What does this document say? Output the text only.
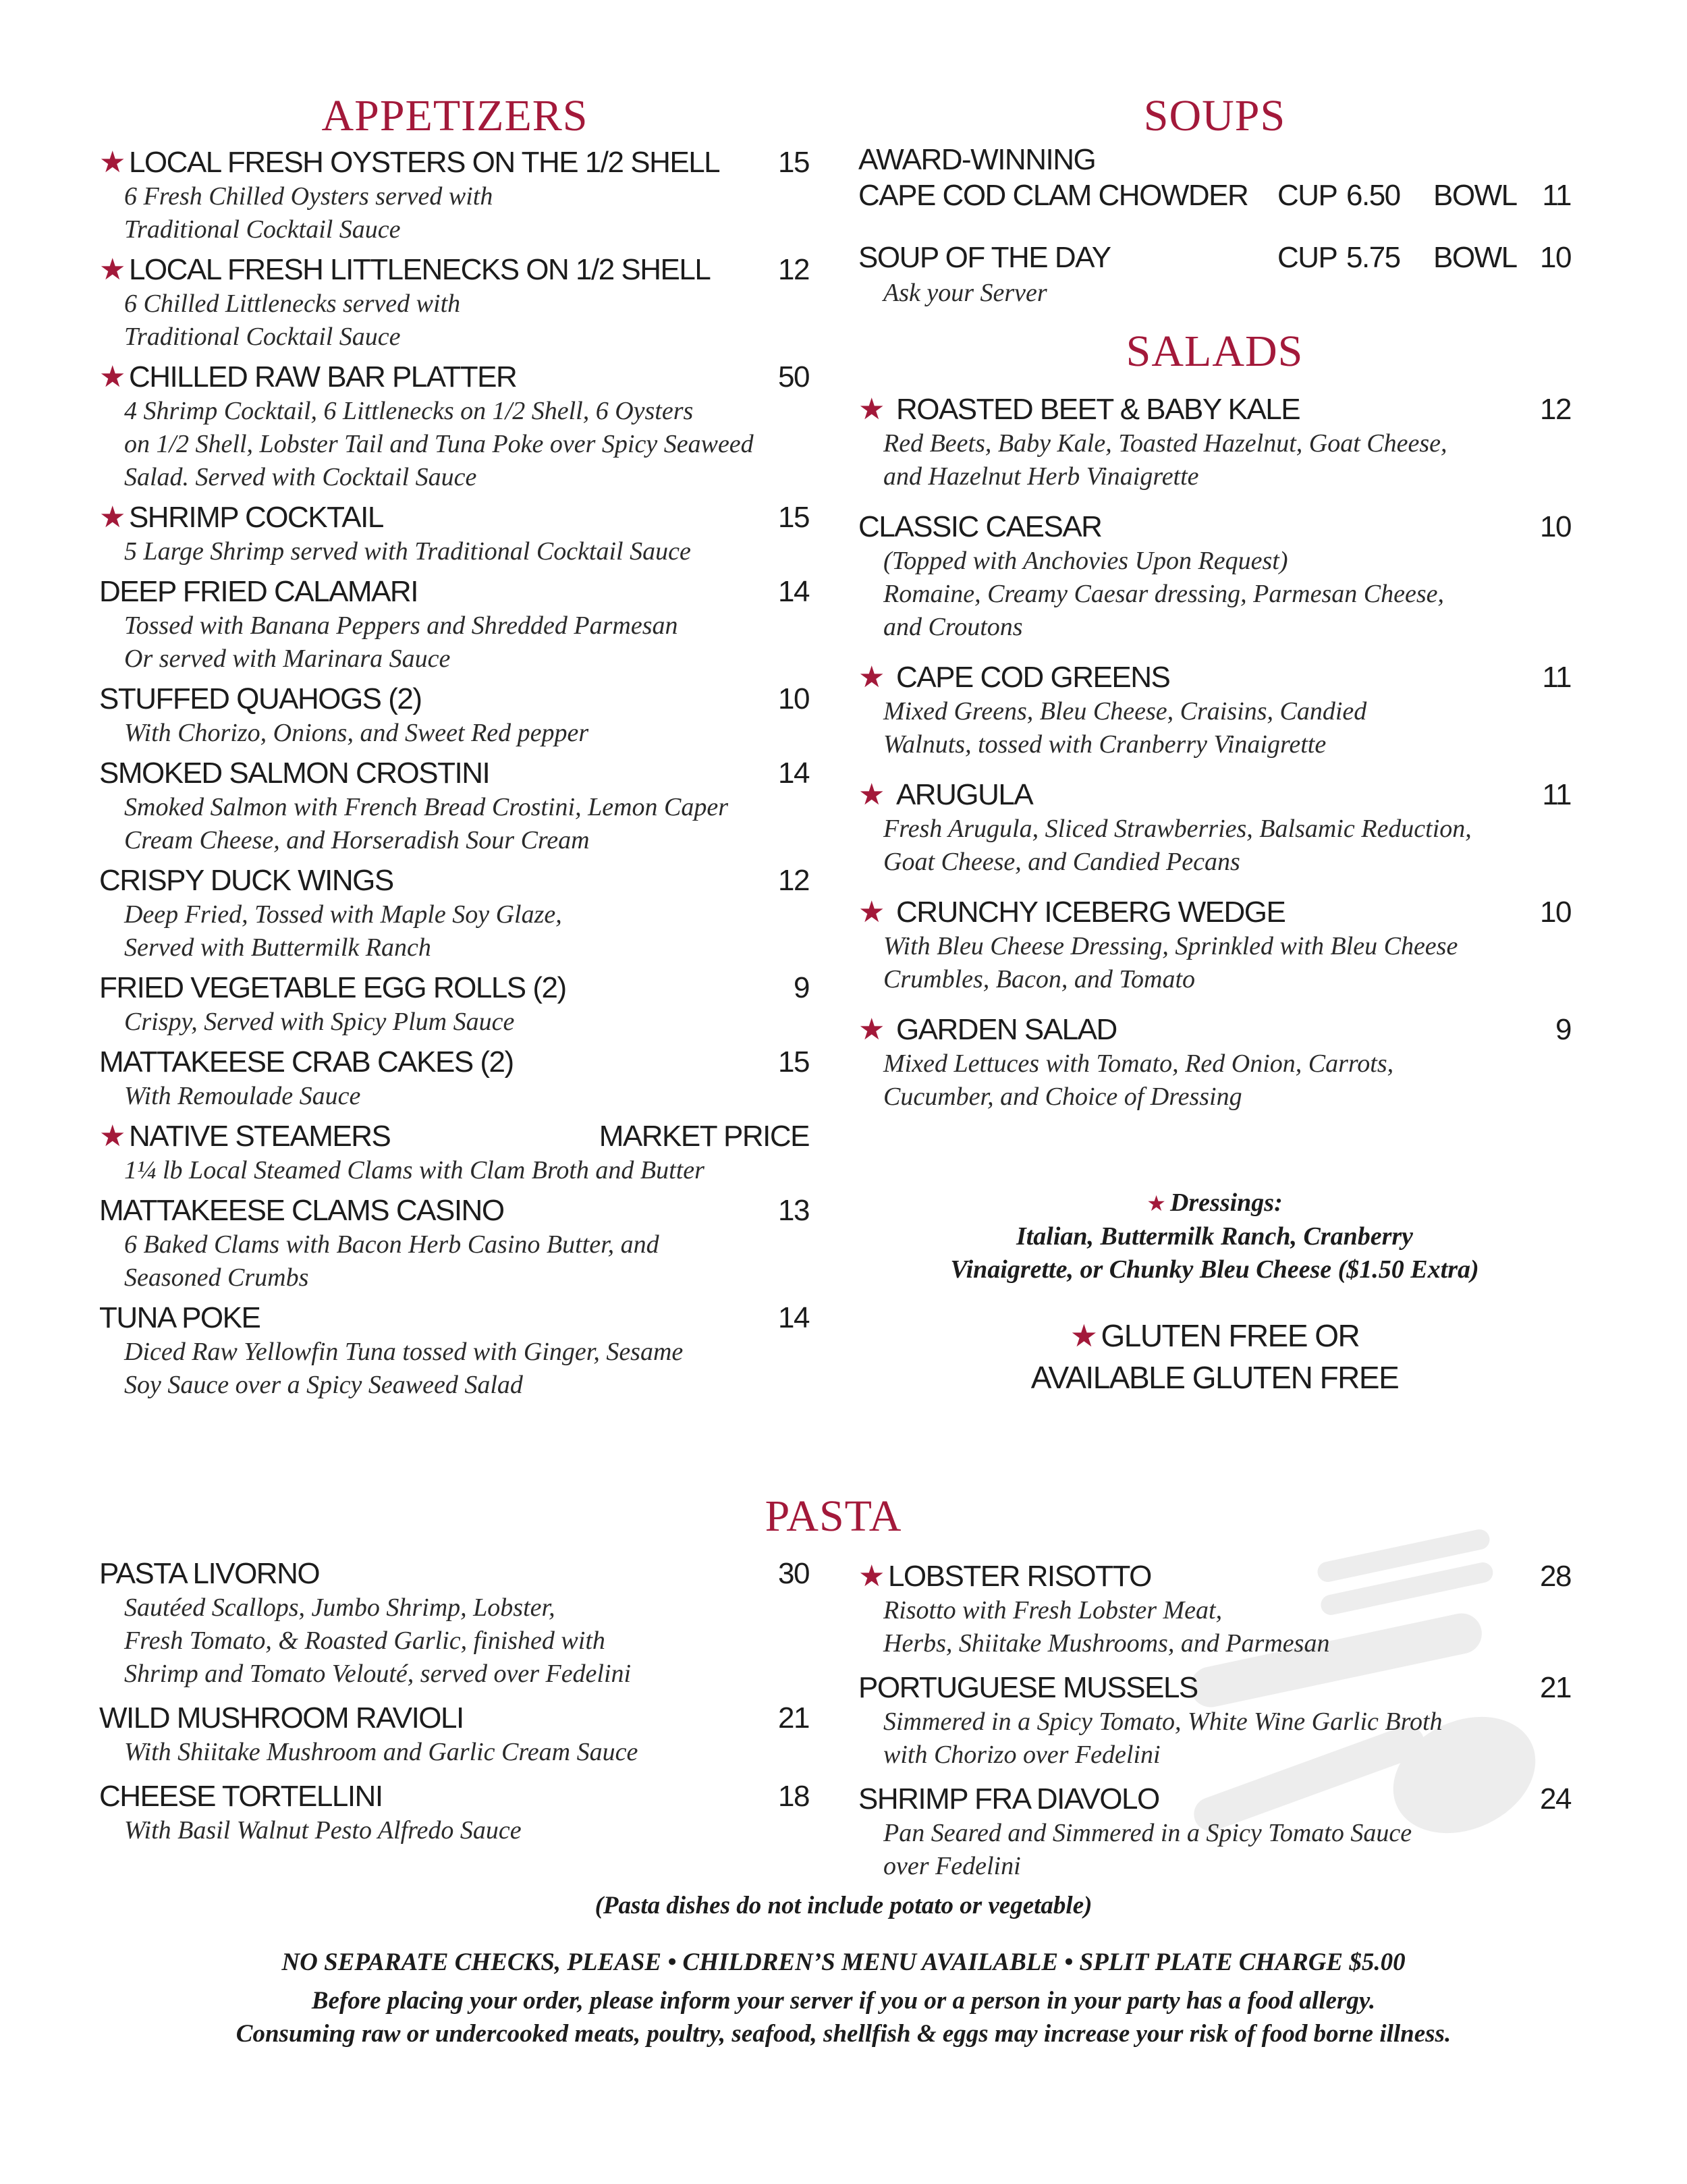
APPETIZERS
★ LOCAL FRESH OYSTERS ON THE 1/2 SHELL 15
6 Fresh Chilled Oysters served with
Traditional Cocktail Sauce
★ LOCAL FRESH LITTLENECKS ON 1/2 SHELL 12
6 Chilled Littlenecks served with
Traditional Cocktail Sauce
★ CHILLED RAW BAR PLATTER	50
4 Shrimp Cocktail, 6 Littlenecks on 1/2 Shell, 6 Oysters
on 1/2 Shell, Lobster Tail and Tuna Poke over Spicy Seaweed
Salad. Served with Cocktail Sauce
★ SHRIMP COCKTAIL	15
5 Large Shrimp served with Traditional Cocktail Sauce
DEEP FRIED CALAMARI	14
Tossed with Banana Peppers and Shredded Parmesan
Or served with Marinara Sauce
STUFFED QUAHOGS (2)	10
With Chorizo, Onions, and Sweet Red pepper
SMOKED SALMON CROSTINI	14
Smoked Salmon with French Bread Crostini, Lemon Caper
Cream Cheese, and Horseradish Sour Cream
CRISPY DUCK WINGS	12
Deep Fried, Tossed with Maple Soy Glaze,
Served with Buttermilk Ranch
FRIED VEGETABLE EGG ROLLS (2)	9
Crispy, Served with Spicy Plum Sauce
MATTAKEESE CRAB CAKES (2)	15
With Remoulade Sauce
★ NATIVE STEAMERS	MARKET PRICE
1¼ lb Local Steamed Clams with Clam Broth and Butter
MATTAKEESE CLAMS CASINO	13
6 Baked Clams with Bacon Herb Casino Butter, and
Seasoned Crumbs
TUNA POKE	14
Diced Raw Yellowfin Tuna tossed with Ginger, Sesame
Soy Sauce over a Spicy Seaweed Salad
SOUPS
AWARD-WINNING
CAPE COD CLAM CHOWDER CUP 6.50 BOWL 11
SOUP OF THE DAY	CUP 5.75 BOWL 10
Ask your Server
SALADS
★ ROASTED BEET & BABY KALE	12
Red Beets, Baby Kale, Toasted Hazelnut, Goat Cheese,
and Hazelnut Herb Vinaigrette
CLASSIC CAESAR	10
(Topped with Anchovies Upon Request)
Romaine, Creamy Caesar dressing, Parmesan Cheese,
and Croutons
★ CAPE COD GREENS	11
Mixed Greens, Bleu Cheese, Craisins, Candied
Walnuts, tossed with Cranberry Vinaigrette
★ ARUGULA	11
Fresh Arugula, Sliced Strawberries, Balsamic Reduction,
Goat Cheese, and Candied Pecans
★ CRUNCHY ICEBERG WEDGE	10
With Bleu Cheese Dressing, Sprinkled with Bleu Cheese
Crumbles, Bacon, and Tomato
★ GARDEN SALAD	9
Mixed Lettuces with Tomato, Red Onion, Carrots,
Cucumber, and Choice of Dressing
★ Dressings:
Italian, Buttermilk Ranch, Cranberry
Vinaigrette, or Chunky Bleu Cheese ($1.50 Extra)
★ GLUTEN FREE OR
AVAILABLE GLUTEN FREE
PASTA
PASTA LIVORNO	30
Sautéed Scallops, Jumbo Shrimp, Lobster,
Fresh Tomato, & Roasted Garlic, finished with
Shrimp and Tomato Velouté, served over Fedelini
WILD MUSHROOM RAVIOLI	21
With Shiitake Mushroom and Garlic Cream Sauce
CHEESE TORTELLINI	18
With Basil Walnut Pesto Alfredo Sauce
★ LOBSTER RISOTTO	28
Risotto with Fresh Lobster Meat,
Herbs, Shiitake Mushrooms, and Parmesan
PORTUGUESE MUSSELS	21
Simmered in a Spicy Tomato, White Wine Garlic Broth
with Chorizo over Fedelini
SHRIMP FRA DIAVOLO	24
Pan Seared and Simmered in a Spicy Tomato Sauce
over Fedelini
(Pasta dishes do not include potato or vegetable)
NO SEPARATE CHECKS, PLEASE • CHILDREN’S MENU AVAILABLE • SPLIT PLATE CHARGE $5.00
Before placing your order, please inform your server if you or a person in your party has a food allergy.
Consuming raw or undercooked meats, poultry, seafood, shellfish & eggs may increase your risk of food borne illness.
